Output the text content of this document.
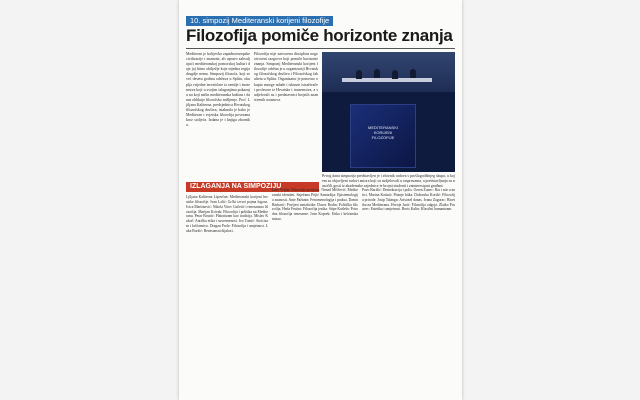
10. simpozij Mediteranski korijeni filozofije
Filozofija pomiče horizonte znanja
Mediteran je kolijevka zapadnoeuropske civilizacije i znanosti, ali upravo zahvaljujući mediteranskoj pomorskoj kulturi daje joj bitno obilježje koje nijedna regija drugdje nema. Simpozij filozofa, koji se već desetu godinu održava u Splitu, okuplja vrijedne teoretičare iz zemlje i inozemstva koji u svojim izlaganjima pokazuju na koji način mediteranska baština i danas oblikuje filozofsko mišljenje. Prof. Ljiljana Kaliterna, predsjednica Hrvatskog filozofskog društva, istaknula je kako je Mediteran i svjetska filozofija povezana kroz stoljeća. Izdana je i knjiga zbornika.
Filozofija nije zatvorena disciplina nego otvoreni razgovor koji pomiče horizonte znanja. Simpozij Mediteranski korijeni filozofije održan je u organizaciji Hrvatskog filozofskog društva i Filozofskog fakulteta u Splitu. Organizator je ponovno okupio mnoge mlade i iskusne istraživače i profesore iz Hrvatske i inozemstva, a sudjelovali su i predstavnici brojnih znanstvenih ustanova.
MEDITERANSKI
KORIJENI
FILOZOFIJE
Prvog dana simpozija predstavljen je i zbornik radova s prošlogodišnjeg skupa, u kojem su objavljeni radovi autora koji su sudjelovali u raspravama, a predstavljanju su nazočili gosti iz akademske zajednice te brojni studenti i zainteresirani građani.
IZLAGANJA NA SIMPOZIJU
Ljiljana Kaliterna Lipovčan: Mediteranski korijeni hrvatske filozofije. Ivan Lalić: Grčki izvori pojma logosa. Ivica Martinović: Nikola Vitov Gučetić i renesansna filozofija. Marijan Krivak: Filozofija i politika na Mediteranu. Petar Bosnić: Platonizam kao tradicija. Mislav Kukoč: Antička etika i suvremenost. Ivo Tomić: Stoicizam i kršćanstvo. Dragan Prole: Filozofija i umjetnost. Luka Boršić: Renesansni dijalozi.
Lino Veljak: Filozofija povijesti. Nenad Miščević: Mediteranski identitet. Snježana Prijić Samaržija: Epistemologija znanosti. Ante Pažanin: Fenomenologija i praksa. Damir Barbarić: Povijest metafizike. Davor Rodin: Politička filozofija. Heda Festini: Filozofija jezika. Stipe Kutleša: Prirodna filozofija renesanse. Ivan Koprek: Etika i kršćanska misao.
Pavo Barišić: Demokracija i polis. Ozren Žunec: Rat i mir u antici. Marina Katinić: Pitanje bitka. Dubravka Kordić: Filozofija prirode. Josip Talanga: Aristotel danas. Ivana Zagorac: Bioetika na Mediteranu. Hrvoje Jurić: Filozofija odgoja. Zlatko Posavec: Estetika i umjetnost. Boris Kalin: Klasični humanizam.
